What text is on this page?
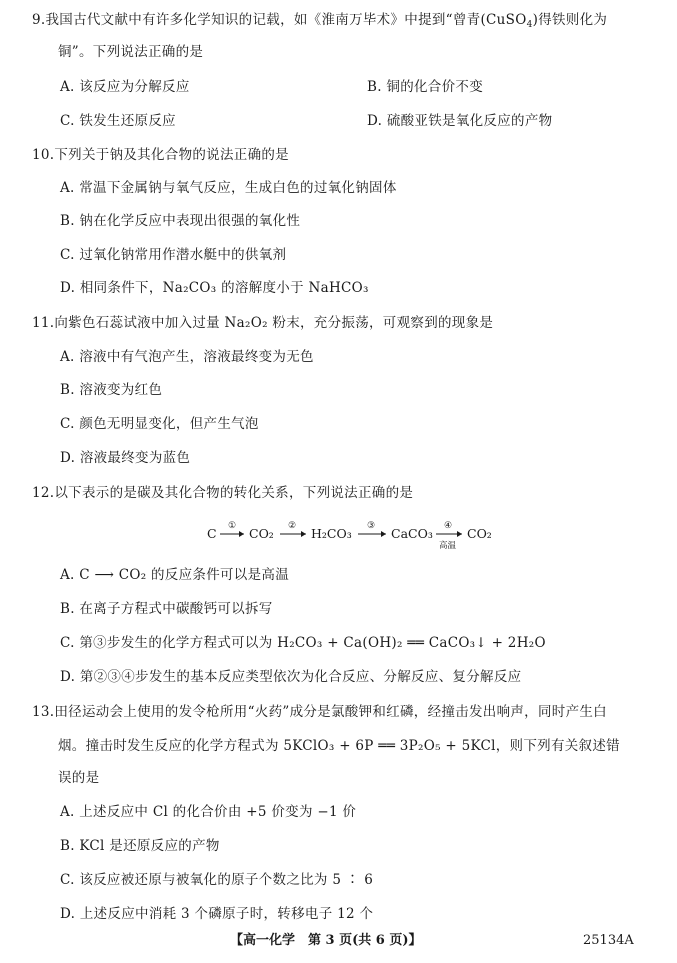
9.我国古代文献中有许多化学知识的记载，如《淮南万毕术》中提到“曾青(CuSO$_4$)得铁则化为
铜”。下列说法正确的是
A. 该反应为分解反应	B. 铜的化合价不变
C. 铁发生还原反应	D. 硫酸亚铁是氧化反应的产物
10.下列关于钠及其化合物的说法正确的是
A. 常温下金属钠与氧气反应，生成白色的过氧化钠固体
B. 钠在化学反应中表现出很强的氧化性
C. 过氧化钠常用作潜水艇中的供氧剂
D. 相同条件下，Na₂CO₃ 的溶解度小于 NaHCO₃
11.向紫色石蕊试液中加入过量 Na₂O₂ 粉末，充分振荡，可观察到的现象是
A. 溶液中有气泡产生，溶液最终变为无色
B. 溶液变为红色
C. 颜色无明显变化，但产生气泡
D. 溶液最终变为蓝色
12.以下表示的是碳及其化合物的转化关系，下列说法正确的是
C ① CO₂ ② H₂CO₃ ③ CaCO₃ ④
高温
CO₂
A. C ⟶ CO₂ 的反应条件可以是高温
B. 在离子方程式中碳酸钙可以拆写
C. 第③步发生的化学方程式可以为 H₂CO₃ + Ca(OH)₂ ══ CaCO₃↓ + 2H₂O
D. 第②③④步发生的基本反应类型依次为化合反应、分解反应、复分解反应
13.田径运动会上使用的发令枪所用“火药”成分是氯酸钾和红磷，经撞击发出响声，同时产生白
烟。撞击时发生反应的化学方程式为 5KClO₃ + 6P ══ 3P₂O₅ + 5KCl，则下列有关叙述错
误的是
A. 上述反应中 Cl 的化合价由 +5 价变为 −1 价
B. KCl 是还原反应的产物
C. 该反应被还原与被氧化的原子个数之比为 5 ∶ 6
D. 上述反应中消耗 3 个磷原子时，转移电子 12 个
【高一化学　第 3 页(共 6 页)】	25134A
